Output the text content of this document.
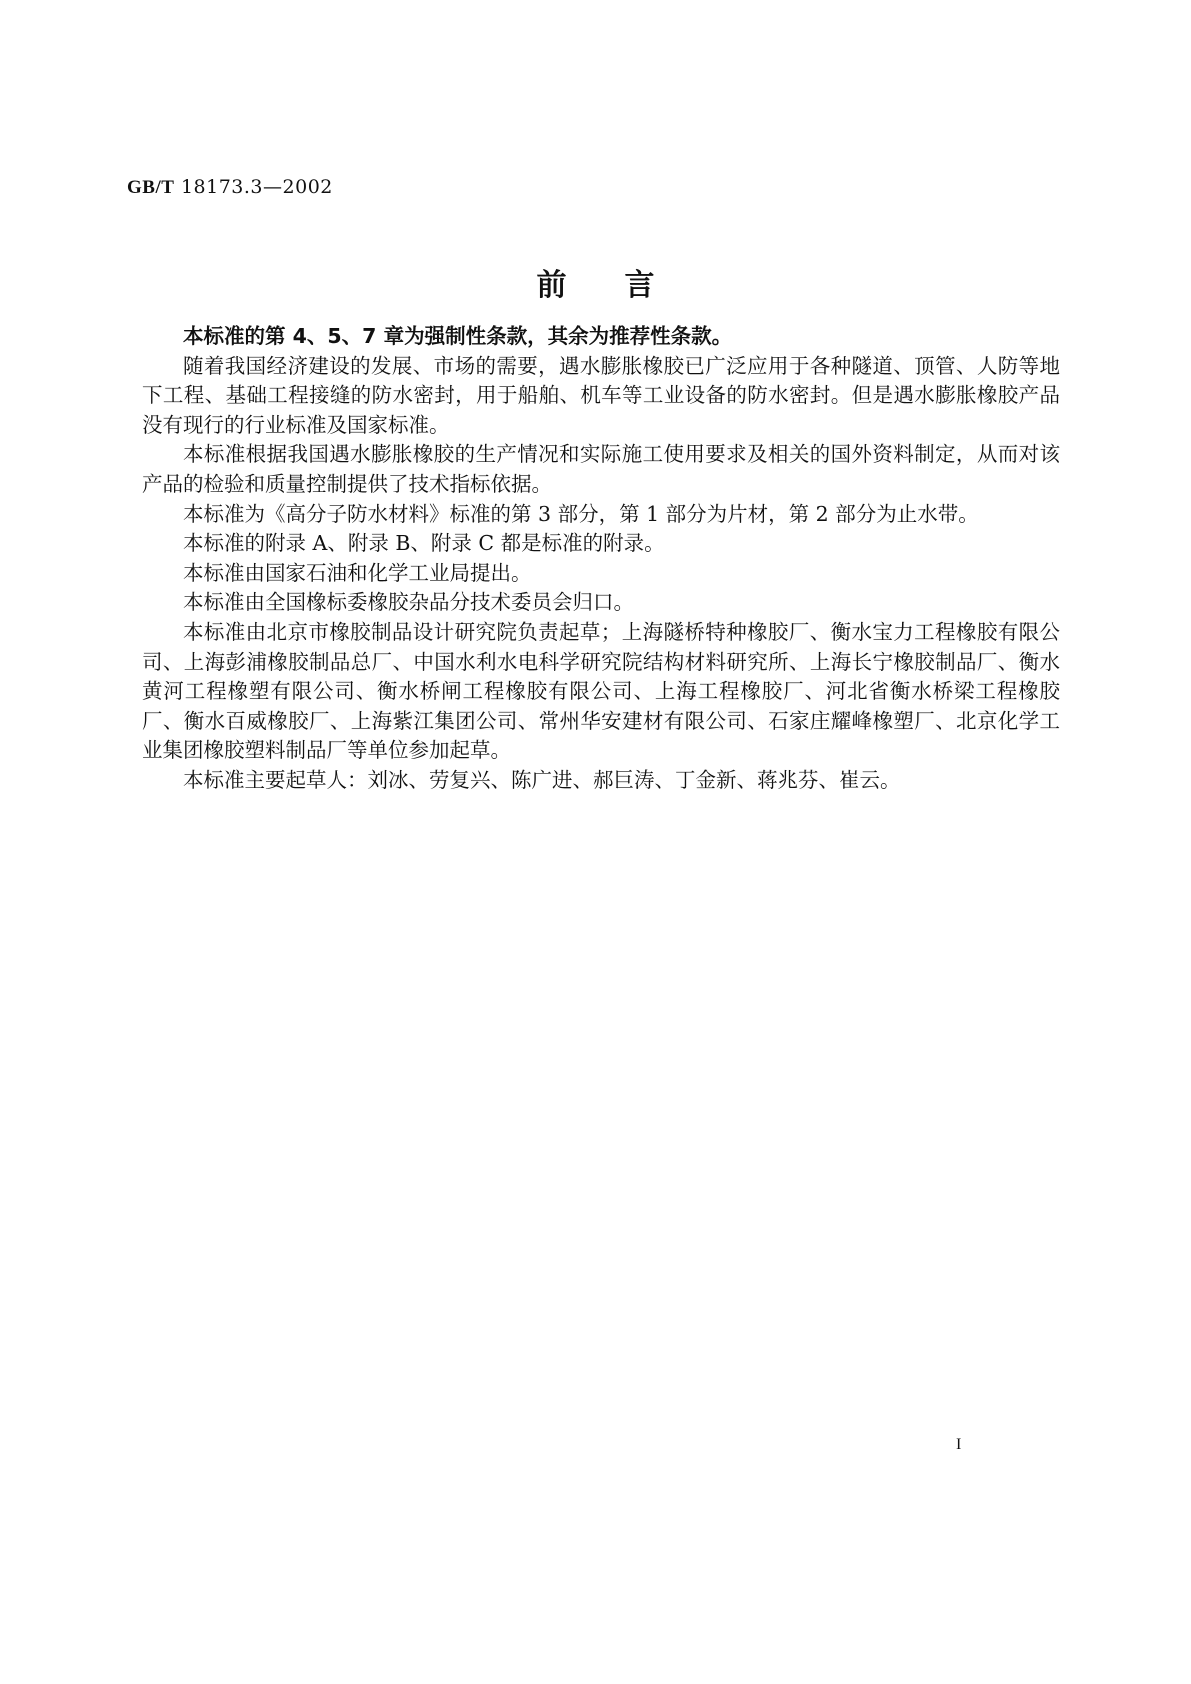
GB/T 18173.3—2002
前言

本标准的第 4、5、7 章为强制性条款，其余为推荐性条款。

随着我国经济建设的发展、市场的需要，遇水膨胀橡胶已广泛应用于各种隧道、顶管、人防等地下工程、基础工程接缝的防水密封，用于船舶、机车等工业设备的防水密封。但是遇水膨胀橡胶产品没有现行的行业标准及国家标准。

本标准根据我国遇水膨胀橡胶的生产情况和实际施工使用要求及相关的国外资料制定，从而对该产品的检验和质量控制提供了技术指标依据。

本标准为《高分子防水材料》标准的第 3 部分，第 1 部分为片材，第 2 部分为止水带。

本标准的附录 A、附录 B、附录 C 都是标准的附录。

本标准由国家石油和化学工业局提出。

本标准由全国橡标委橡胶杂品分技术委员会归口。

本标准由北京市橡胶制品设计研究院负责起草；上海隧桥特种橡胶厂、衡水宝力工程橡胶有限公司、上海彭浦橡胶制品总厂、中国水利水电科学研究院结构材料研究所、上海长宁橡胶制品厂、衡水黄河工程橡塑有限公司、衡水桥闸工程橡胶有限公司、上海工程橡胶厂、河北省衡水桥梁工程橡胶厂、衡水百威橡胶厂、上海紫江集团公司、常州华安建材有限公司、石家庄耀峰橡塑厂、北京化学工业集团橡胶塑料制品厂等单位参加起草。

本标准主要起草人：刘冰、劳复兴、陈广进、郝巨涛、丁金新、蒋兆芬、崔云。

I
